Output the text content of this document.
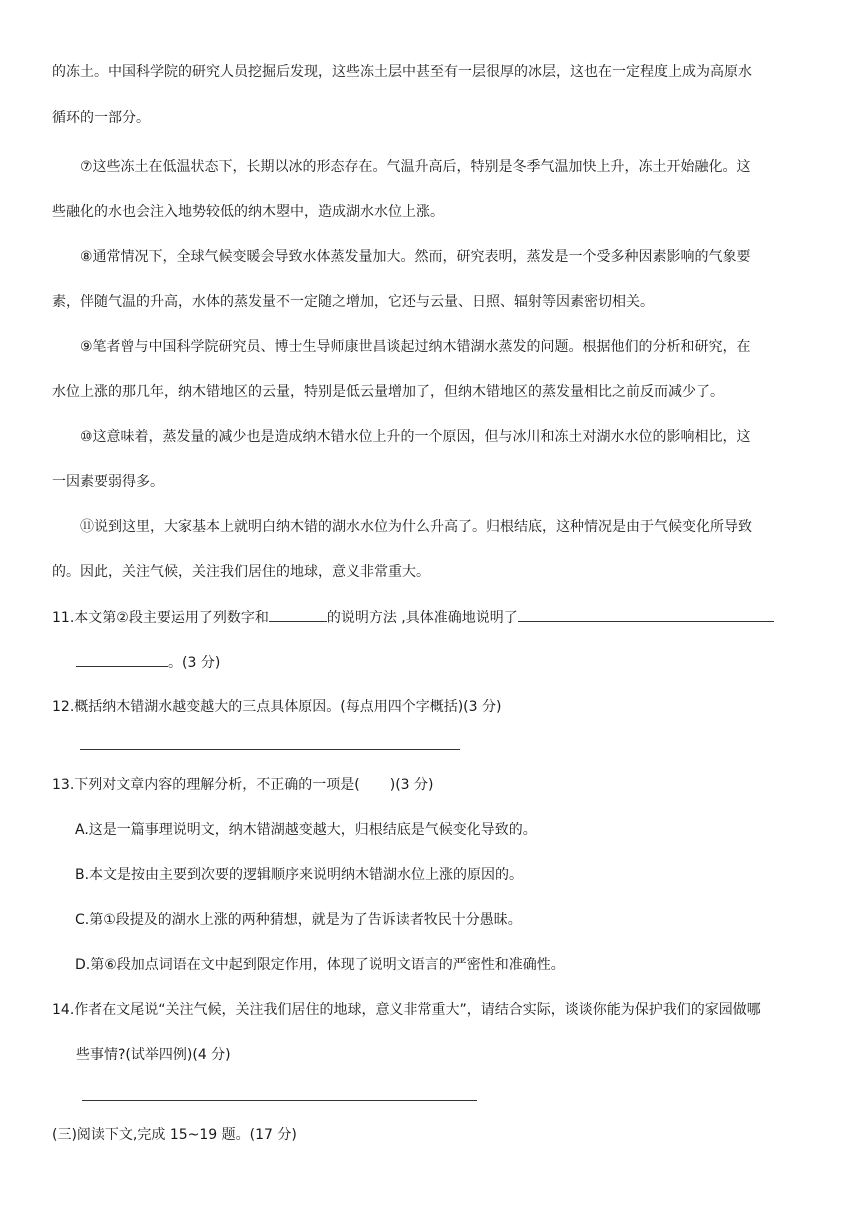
的冻土。中国科学院的研究人员挖掘后发现，这些冻土层中甚至有一层很厚的冰层，这也在一定程度上成为高原水
循环的一部分。
⑦这些冻土在低温状态下，长期以冰的形态存在。气温升高后，特别是冬季气温加快上升，冻土开始融化。这
些融化的水也会注入地势较低的纳木曌中，造成湖水水位上涨。
⑧通常情况下，全球气候变暖会导致水体蒸发量加大。然而，研究表明，蒸发是一个受多种因素影响的气象要
素，伴随气温的升高，水体的蒸发量不一定随之增加，它还与云量、日照、辐射等因素密切相关。
⑨笔者曾与中国科学院研究员、博士生导师康世昌谈起过纳木错湖水蒸发的问题。根据他们的分析和研究，在
水位上涨的那几年，纳木错地区的云量，特别是低云量增加了，但纳木错地区的蒸发量相比之前反而减少了。
⑩这意味着，蒸发量的减少也是造成纳木错水位上升的一个原因，但与冰川和冻土对湖水水位的影响相比，这
一因素要弱得多。
⑪说到这里，大家基本上就明白纳木错的湖水水位为什么升高了。归根结底，这种情况是由于气候变化所导致
的。因此，关注气候，关注我们居住的地球，意义非常重大。
11.本文第②段主要运用了列数字和	的说明方法 ,具体准确地说明了
。(3 分)
12.概括纳木错湖水越变越大的三点具体原因。(每点用四个字概括)(3 分)
13.下列对文章内容的理解分析，不正确的一项是( )(3 分)
A.这是一篇事理说明文，纳木错湖越变越大，归根结底是气候变化导致的。
B.本文是按由主要到次要的逻辑顺序来说明纳木错湖水位上涨的原因的。
C.第①段提及的湖水上涨的两种猜想，就是为了告诉读者牧民十分愚昧。
D.第⑥段加点词语在文中起到限定作用，体现了说明文语言的严密性和准确性。
14.作者在文尾说“关注气候，关注我们居住的地球，意义非常重大”，请结合实际，谈谈你能为保护我们的家园做哪
些事情?(试举四例)(4 分)
(三)阅读下文,完成 15~19 题。(17 分)
